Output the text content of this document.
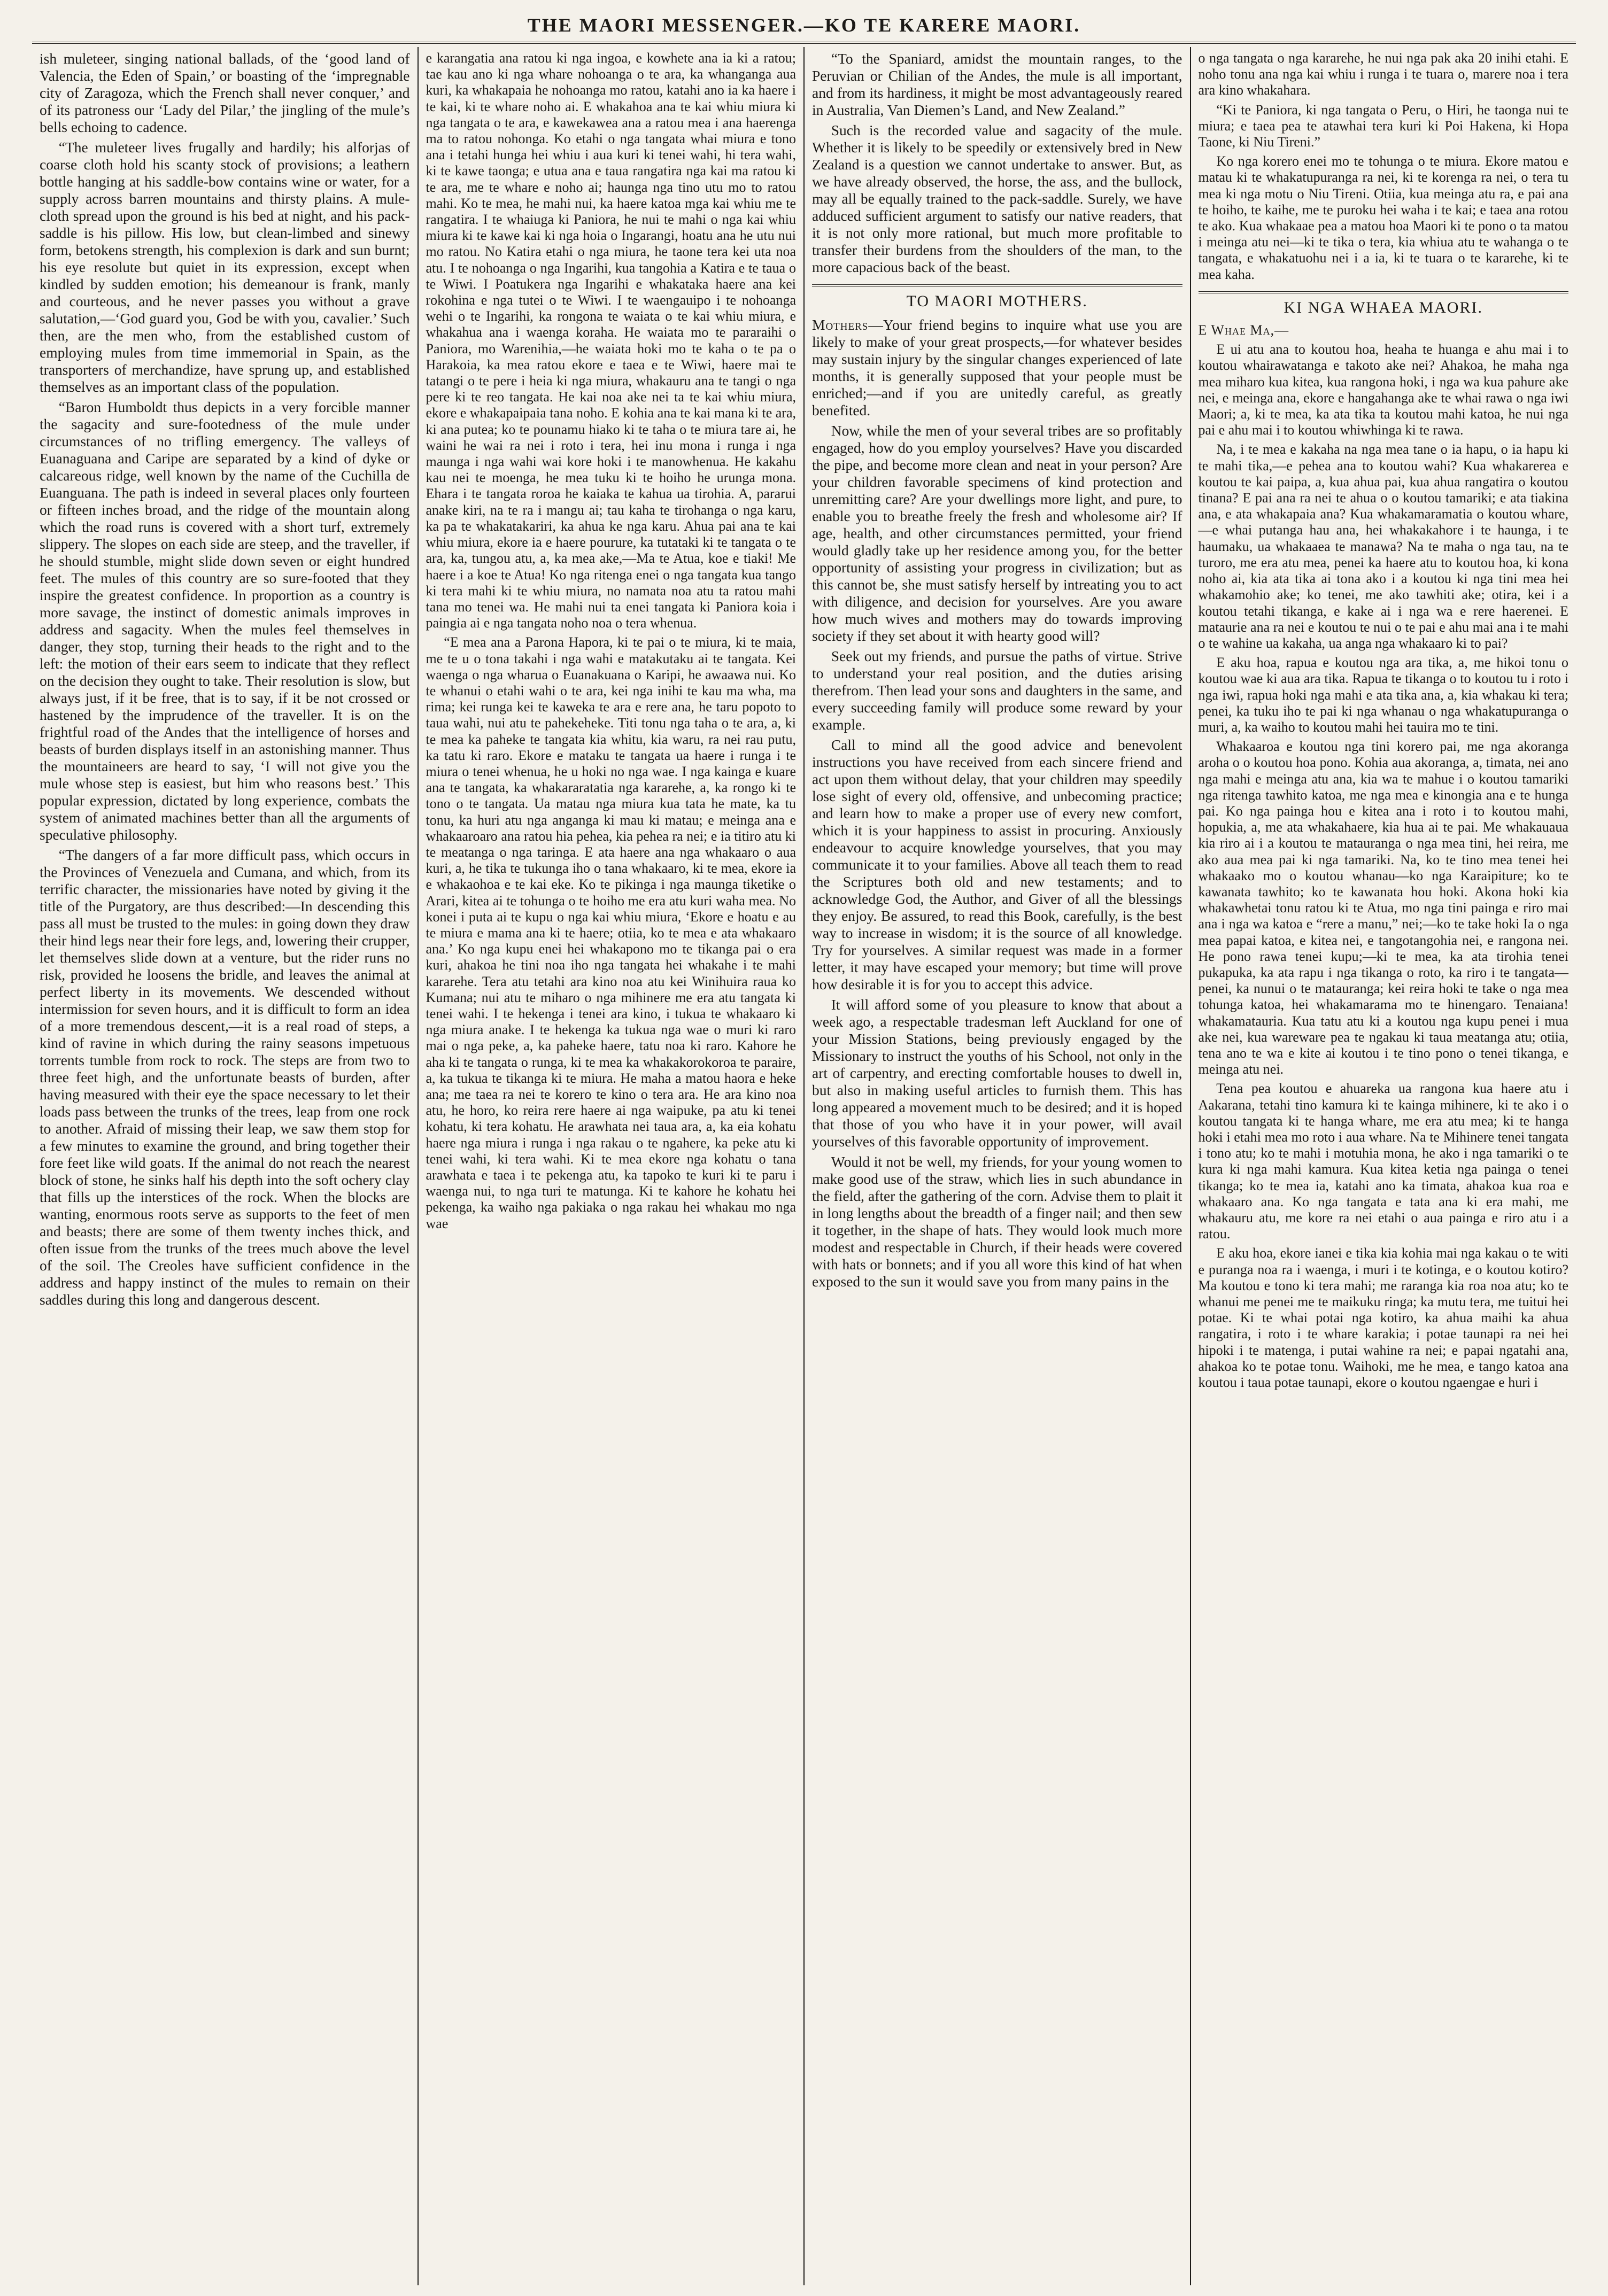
THE MAORI MESSENGER.—KO TE KARERE MAORI.

ish muleteer, singing national ballads, of the ‘good land of Valencia, the Eden of Spain,’ or boasting of the ‘impregnable city of Zaragoza, which the French shall never conquer,’ and of its patroness our ‘Lady del Pilar,’ the jingling of the mule’s bells echoing to cadence.

“The muleteer lives frugally and hardily; his alforjas of coarse cloth hold his scanty stock of provisions; a leathern bottle hanging at his saddle-bow contains wine or water, for a supply across barren mountains and thirsty plains. A mule-cloth spread upon the ground is his bed at night, and his pack-saddle is his pillow. His low, but clean-limbed and sinewy form, betokens strength, his complexion is dark and sun burnt; his eye resolute but quiet in its expression, except when kindled by sudden emotion; his demeanour is frank, manly and courteous, and he never passes you without a grave salutation,—‘God guard you, God be with you, cavalier.’ Such then, are the men who, from the established custom of employing mules from time immemorial in Spain, as the transporters of merchandize, have sprung up, and established themselves as an important class of the population.

“Baron Humboldt thus depicts in a very forcible manner the sagacity and sure-footedness of the mule under circumstances of no trifling emergency. The valleys of Euanaguana and Caripe are separated by a kind of dyke or calcareous ridge, well known by the name of the Cuchilla de Euanguana. The path is indeed in several places only fourteen or fifteen inches broad, and the ridge of the mountain along which the road runs is covered with a short turf, extremely slippery. The slopes on each side are steep, and the traveller, if he should stumble, might slide down seven or eight hundred feet. The mules of this country are so sure-footed that they inspire the greatest confidence. In proportion as a country is more savage, the instinct of domestic animals improves in address and sagacity. When the mules feel themselves in danger, they stop, turning their heads to the right and to the left: the motion of their ears seem to indicate that they reflect on the decision they ought to take. Their resolution is slow, but always just, if it be free, that is to say, if it be not crossed or hastened by the imprudence of the traveller. It is on the frightful road of the Andes that the intelligence of horses and beasts of burden displays itself in an astonishing manner. Thus the mountaineers are heard to say, ‘I will not give you the mule whose step is easiest, but him who reasons best.’ This popular expression, dictated by long experience, combats the system of animated machines better than all the arguments of speculative philosophy.

“The dangers of a far more difficult pass, which occurs in the Provinces of Venezuela and Cumana, and which, from its terrific character, the missionaries have noted by giving it the title of the Purgatory, are thus described:—In descending this pass all must be trusted to the mules: in going down they draw their hind legs near their fore legs, and, lowering their crupper, let themselves slide down at a venture, but the rider runs no risk, provided he loosens the bridle, and leaves the animal at perfect liberty in its movements. We descended without intermission for seven hours, and it is difficult to form an idea of a more tremendous descent,—it is a real road of steps, a kind of ravine in which during the rainy seasons impetuous torrents tumble from rock to rock. The steps are from two to three feet high, and the unfortunate beasts of burden, after having measured with their eye the space necessary to let their loads pass between the trunks of the trees, leap from one rock to another. Afraid of missing their leap, we saw them stop for a few minutes to examine the ground, and bring together their fore feet like wild goats. If the animal do not reach the nearest block of stone, he sinks half his depth into the soft ochery clay that fills up the interstices of the rock. When the blocks are wanting, enormous roots serve as supports to the feet of men and beasts; there are some of them twenty inches thick, and often issue from the trunks of the trees much above the level of the soil. The Creoles have sufficient confidence in the address and happy instinct of the mules to remain on their saddles during this long and dangerous descent.

e karangatia ana ratou ki nga ingoa, e kowhete ana ia ki a ratou; tae kau ano ki nga whare nohoanga o te ara, ka whanganga aua kuri, ka whakapaia he nohoanga mo ratou, katahi ano ia ka haere i te kai, ki te whare noho ai. E whakahoa ana te kai whiu miura ki nga tangata o te ara, e kawekawea ana a ratou mea i ana haerenga ma to ratou nohonga. Ko etahi o nga tangata whai miura e tono ana i tetahi hunga hei whiu i aua kuri ki tenei wahi, hi tera wahi, ki te kawe taonga; e utua ana e taua rangatira nga kai ma ratou ki te ara, me te whare e noho ai; haunga nga tino utu mo to ratou mahi. Ko te mea, he mahi nui, ka haere katoa mga kai whiu me te rangatira. I te whaiuga ki Paniora, he nui te mahi o nga kai whiu miura ki te kawe kai ki nga hoia o Ingarangi, hoatu ana he utu nui mo ratou. No Katira etahi o nga miura, he taone tera kei uta noa atu. I te nohoanga o nga Ingarihi, kua tangohia a Katira e te taua o te Wiwi. I Poatukera nga Ingarihi e whakataka haere ana kei rokohina e nga tutei o te Wiwi. I te waengauipo i te nohoanga wehi o te Ingarihi, ka rongona te waiata o te kai whiu miura, e whakahua ana i waenga koraha. He waiata mo te pararaihi o Paniora, mo Warenihia,—he waiata hoki mo te kaha o te pa o Harakoia, ka mea ratou ekore e taea e te Wiwi, haere mai te tatangi o te pere i heia ki nga miura, whakauru ana te tangi o nga pere ki te reo tangata. He kai noa ake nei ta te kai whiu miura, ekore e whakapaipaia tana noho. E kohia ana te kai mana ki te ara, ki ana putea; ko te pounamu hiako ki te taha o te miura tare ai, he waini he wai ra nei i roto i tera, hei inu mona i runga i nga maunga i nga wahi wai kore hoki i te manowhenua. He kakahu kau nei te moenga, he mea tuku ki te hoiho he urunga mona. Ehara i te tangata roroa he kaiaka te kahua ua tirohia. A, pararui anake kiri, na te ra i mangu ai; tau kaha te tirohanga o nga karu, ka pa te whakatakariri, ka ahua ke nga karu. Ahua pai ana te kai whiu miura, ekore ia e haere pourure, ka tutataki ki te tangata o te ara, ka, tungou atu, a, ka mea ake,—Ma te Atua, koe e tiaki! Me haere i a koe te Atua! Ko nga ritenga enei o nga tangata kua tango ki tera mahi ki te whiu miura, no namata noa atu ta ratou mahi tana mo tenei wa. He mahi nui ta enei tangata ki Paniora koia i paingia ai e nga tangata noho noa o tera whenua.

“E mea ana a Parona Hapora, ki te pai o te miura, ki te maia, me te u o tona takahi i nga wahi e matakutaku ai te tangata. Kei waenga o nga wharua o Euanakuana o Karipi, he awaawa nui. Ko te whanui o etahi wahi o te ara, kei nga inihi te kau ma wha, ma rima; kei runga kei te kaweka te ara e rere ana, he taru popoto to taua wahi, nui atu te pahekeheke. Titi tonu nga taha o te ara, a, ki te mea ka paheke te tangata kia whitu, kia waru, ra nei rau putu, ka tatu ki raro. Ekore e mataku te tangata ua haere i runga i te miura o tenei whenua, he u hoki no nga wae. I nga kainga e kuare ana te tangata, ka whakararatatia nga kararehe, a, ka rongo ki te tono o te tangata. Ua matau nga miura kua tata he mate, ka tu tonu, ka huri atu nga anganga ki mau ki matau; e meinga ana e whakaaroaro ana ratou hia pehea, kia pehea ra nei; e ia titiro atu ki te meatanga o nga taringa. E ata haere ana nga whakaaro o aua kuri, a, he tika te tukunga iho o tana whakaaro, ki te mea, ekore ia e whakaohoa e te kai eke. Ko te pikinga i nga maunga tiketike o Arari, kitea ai te tohunga o te hoiho me era atu kuri waha mea. No konei i puta ai te kupu o nga kai whiu miura, ‘Ekore e hoatu e au te miura e mama ana ki te haere; otiia, ko te mea e ata whakaaro ana.’ Ko nga kupu enei hei whakapono mo te tikanga pai o era kuri, ahakoa he tini noa iho nga tangata hei whakahe i te mahi kararehe. Tera atu tetahi ara kino noa atu kei Winihuira raua ko Kumana; nui atu te miharo o nga mihinere me era atu tangata ki tenei wahi. I te hekenga i tenei ara kino, i tukua te whakaaro ki nga miura anake. I te hekenga ka tukua nga wae o muri ki raro mai o nga peke, a, ka paheke haere, tatu noa ki raro. Kahore he aha ki te tangata o runga, ki te mea ka whakakorokoroa te paraire, a, ka tukua te tikanga ki te miura. He maha a matou haora e heke ana; me taea ra nei te korero te kino o tera ara. He ara kino noa atu, he horo, ko reira rere haere ai nga waipuke, pa atu ki tenei kohatu, ki tera kohatu. He arawhata nei taua ara, a, ka eia kohatu haere nga miura i runga i nga rakau o te ngahere, ka peke atu ki tenei wahi, ki tera wahi. Ki te mea ekore nga kohatu o tana arawhata e taea i te pekenga atu, ka tapoko te kuri ki te paru i waenga nui, to nga turi te matunga. Ki te kahore he kohatu hei pekenga, ka waiho nga pakiaka o nga rakau hei whakau mo nga wae

“To the Spaniard, amidst the mountain ranges, to the Peruvian or Chilian of the Andes, the mule is all important, and from its hardiness, it might be most advantageously reared in Australia, Van Diemen’s Land, and New Zealand.”

Such is the recorded value and sagacity of the mule. Whether it is likely to be speedily or extensively bred in New Zealand is a question we cannot undertake to answer. But, as we have already observed, the horse, the ass, and the bullock, may all be equally trained to the pack-saddle. Surely, we have adduced sufficient argument to satisfy our native readers, that it is not only more rational, but much more profitable to transfer their burdens from the shoulders of the man, to the more capacious back of the beast.

TO MAORI MOTHERS.

Mothers—Your friend begins to inquire what use you are likely to make of your great prospects,—for whatever besides may sustain injury by the singular changes experienced of late months, it is generally supposed that your people must be enriched;—and if you are unitedly careful, as greatly benefited.

Now, while the men of your several tribes are so profitably engaged, how do you employ yourselves? Have you discarded the pipe, and become more clean and neat in your person? Are your children favorable specimens of kind protection and unremitting care? Are your dwellings more light, and pure, to enable you to breathe freely the fresh and wholesome air? If age, health, and other circumstances permitted, your friend would gladly take up her residence among you, for the better opportunity of assisting your progress in civilization; but as this cannot be, she must satisfy herself by intreating you to act with diligence, and decision for yourselves. Are you aware how much wives and mothers may do towards improving society if they set about it with hearty good will?

Seek out my friends, and pursue the paths of virtue. Strive to understand your real position, and the duties arising therefrom. Then lead your sons and daughters in the same, and every succeeding family will produce some reward by your example.

Call to mind all the good advice and benevolent instructions you have received from each sincere friend and act upon them without delay, that your children may speedily lose sight of every old, offensive, and unbecoming practice; and learn how to make a proper use of every new comfort, which it is your happiness to assist in procuring. Anxiously endeavour to acquire knowledge yourselves, that you may communicate it to your families. Above all teach them to read the Scriptures both old and new testaments; and to acknowledge God, the Author, and Giver of all the blessings they enjoy. Be assured, to read this Book, carefully, is the best way to increase in wisdom; it is the source of all knowledge. Try for yourselves. A similar request was made in a former letter, it may have escaped your memory; but time will prove how desirable it is for you to accept this advice.

It will afford some of you pleasure to know that about a week ago, a respectable tradesman left Auckland for one of your Mission Stations, being previously engaged by the Missionary to instruct the youths of his School, not only in the art of carpentry, and erecting comfortable houses to dwell in, but also in making useful articles to furnish them. This has long appeared a movement much to be desired; and it is hoped that those of you who have it in your power, will avail yourselves of this favorable opportunity of improvement.

Would it not be well, my friends, for your young women to make good use of the straw, which lies in such abundance in the field, after the gathering of the corn. Advise them to plait it in long lengths about the breadth of a finger nail; and then sew it together, in the shape of hats. They would look much more modest and respectable in Church, if their heads were covered with hats or bonnets; and if you all wore this kind of hat when exposed to the sun it would save you from many pains in the

o nga tangata o nga kararehe, he nui nga pak aka 20 inihi etahi. E noho tonu ana nga kai whiu i runga i te tuara o, marere noa i tera ara kino whakahara.

“Ki te Paniora, ki nga tangata o Peru, o Hiri, he taonga nui te miura; e taea pea te atawhai tera kuri ki Poi Hakena, ki Hopa Taone, ki Niu Tireni.”

Ko nga korero enei mo te tohunga o te miura. Ekore matou e matau ki te whakatupuranga ra nei, ki te korenga ra nei, o tera tu mea ki nga motu o Niu Tireni. Otiia, kua meinga atu ra, e pai ana te hoiho, te kaihe, me te puroku hei waha i te kai; e taea ana rotou te ako. Kua whakaae pea a matou hoa Maori ki te pono o ta matou i meinga atu nei—ki te tika o tera, kia whiua atu te wahanga o te tangata, e whakatuohu nei i a ia, ki te tuara o te kararehe, ki te mea kaha.

KI NGA WHAEA MAORI.

E Whae Ma,—

E ui atu ana to koutou hoa, heaha te huanga e ahu mai i to koutou whairawatanga e takoto ake nei? Ahakoa, he maha nga mea miharo kua kitea, kua rangona hoki, i nga wa kua pahure ake nei, e meinga ana, ekore e hangahanga ake te whai rawa o nga iwi Maori; a, ki te mea, ka ata tika ta koutou mahi katoa, he nui nga pai e ahu mai i to koutou whiwhinga ki te rawa.

Na, i te mea e kakaha na nga mea tane o ia hapu, o ia hapu ki te mahi tika,—e pehea ana to koutou wahi? Kua whakarerea e koutou te kai paipa, a, kua ahua pai, kua ahua rangatira o koutou tinana? E pai ana ra nei te ahua o o koutou tamariki; e ata tiakina ana, e ata whakapaia ana? Kua whakamaramatia o koutou whare,—e whai putanga hau ana, hei whakakahore i te haunga, i te haumaku, ua whakaaea te manawa? Na te maha o nga tau, na te turoro, me era atu mea, penei ka haere atu to koutou hoa, ki kona noho ai, kia ata tika ai tona ako i a koutou ki nga tini mea hei whakamohio ake; ko tenei, me ako tawhiti ake; otira, kei i a koutou tetahi tikanga, e kake ai i nga wa e rere haerenei. E mataurie ana ra nei e koutou te nui o te pai e ahu mai ana i te mahi o te wahine ua kakaha, ua anga nga whakaaro ki to pai?

E aku hoa, rapua e koutou nga ara tika, a, me hikoi tonu o koutou wae ki aua ara tika. Rapua te tikanga o to koutou tu i roto i nga iwi, rapua hoki nga mahi e ata tika ana, a, kia whakau ki tera; penei, ka tuku iho te pai ki nga whanau o nga whakatupuranga o muri, a, ka waiho to koutou mahi hei tauira mo te tini.

Whakaaroa e koutou nga tini korero pai, me nga akoranga aroha o o koutou hoa pono. Kohia aua akoranga, a, timata, nei ano nga mahi e meinga atu ana, kia wa te mahue i o koutou tamariki nga ritenga tawhito katoa, me nga mea e kinongia ana e te hunga pai. Ko nga painga hou e kitea ana i roto i to koutou mahi, hopukia, a, me ata whakahaere, kia hua ai te pai. Me whakauaua kia riro ai i a koutou te matauranga o nga mea tini, hei reira, me ako aua mea pai ki nga tamariki. Na, ko te tino mea tenei hei whakaako mo o koutou whanau—ko nga Karaipiture; ko te kawanata tawhito; ko te kawanata hou hoki. Akona hoki kia whakawhetai tonu ratou ki te Atua, mo nga tini painga e riro mai ana i nga wa katoa e “rere a manu,” nei;—ko te take hoki Ia o nga mea papai katoa, e kitea nei, e tangotangohia nei, e rangona nei. He pono rawa tenei kupu;—ki te mea, ka ata tirohia tenei pukapuka, ka ata rapu i nga tikanga o roto, ka riro i te tangata—penei, ka nunui o te matauranga; kei reira hoki te take o nga mea tohunga katoa, hei whakamarama mo te hinengaro. Tenaiana! whakamatauria. Kua tatu atu ki a koutou nga kupu penei i mua ake nei, kua wareware pea te ngakau ki taua meatanga atu; otiia, tena ano te wa e kite ai koutou i te tino pono o tenei tikanga, e meinga atu nei.

Tena pea koutou e ahuareka ua rangona kua haere atu i Aakarana, tetahi tino kamura ki te kainga mihinere, ki te ako i o koutou tangata ki te hanga whare, me era atu mea; ki te hanga hoki i etahi mea mo roto i aua whare. Na te Mihinere tenei tangata i tono atu; ko te mahi i motuhia mona, he ako i nga tamariki o te kura ki nga mahi kamura. Kua kitea ketia nga painga o tenei tikanga; ko te mea ia, katahi ano ka timata, ahakoa kua roa e whakaaro ana. Ko nga tangata e tata ana ki era mahi, me whakauru atu, me kore ra nei etahi o aua painga e riro atu i a ratou.

E aku hoa, ekore ianei e tika kia kohia mai nga kakau o te witi e puranga noa ra i waenga, i muri i te kotinga, e o koutou kotiro? Ma koutou e tono ki tera mahi; me raranga kia roa noa atu; ko te whanui me penei me te maikuku ringa; ka mutu tera, me tuitui hei potae. Ki te whai potai nga kotiro, ka ahua maihi ka ahua rangatira, i roto i te whare karakia; i potae taunapi ra nei hei hipoki i te matenga, i putai wahine ra nei; e papai ngatahi ana, ahakoa ko te potae tonu. Waihoki, me he mea, e tango katoa ana koutou i taua potae taunapi, ekore o koutou ngaengae e huri i
